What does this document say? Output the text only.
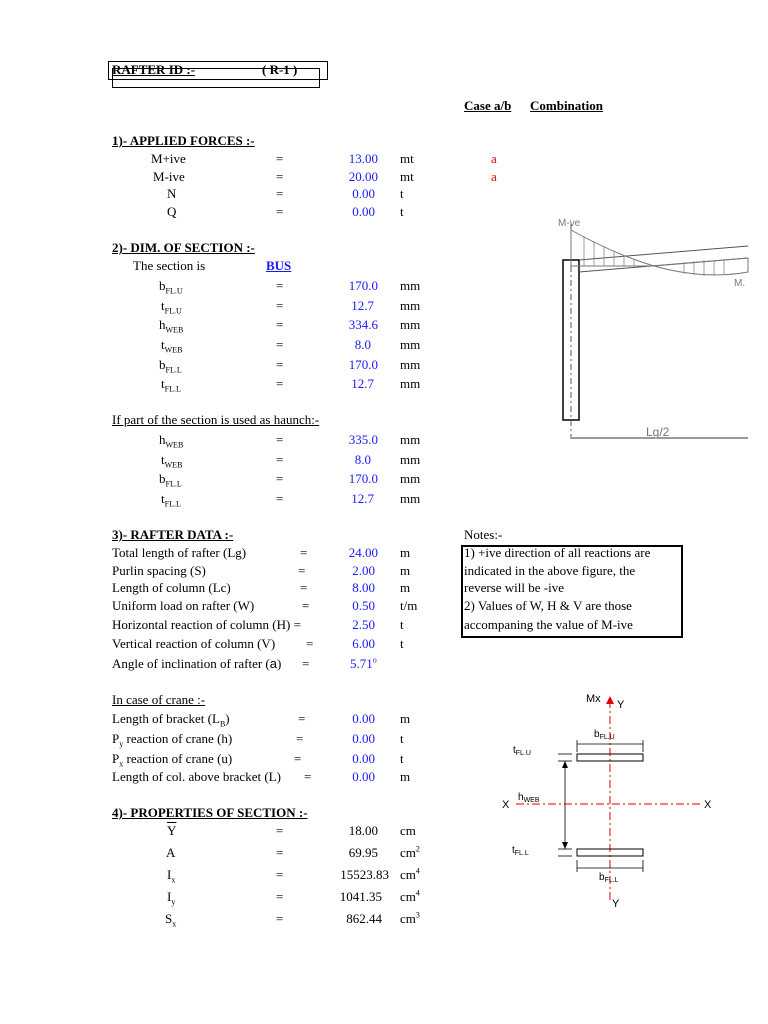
RAFTER ID :-	( R-1 )
Case a/b Combination
1)- APPLIED FORCES :-
M+ive	=	13.00 mt	a
M-ive	=	20.00 mt	a
N	=	0.00 t
Q	=	0.00 t
2)- DIM. OF SECTION :-
The section is	BUS
$b_{FL.U}$	=	170.0 mm
$t_{FL.U}$	=	12.7 mm
$h_{WEB}$	=	334.6 mm
$t_{WEB}$	=	8.0 mm
$b_{FL.L}$	=	170.0 mm
$t_{FL.L}$	=	12.7 mm
If part of the section is used as haunch:-
$h_{WEB}$	=	335.0 mm
$t_{WEB}$	=	8.0 mm
$b_{FL.L}$	=	170.0 mm
$t_{FL.L}$	=	12.7 mm
M-ve
M.
Lg/2
3)- RAFTER DATA :-
Total length of rafter (Lg)	=	24.00 m
Purlin spacing (S)	=	2.00 m
Length of column (Lc)	=	8.00 m
Uniform load on rafter (W)	=	0.50 t/m
Horizontal reaction of column (H) =	2.50 t
Vertical reaction of column (V) =	6.00 t
Angle of inclination of rafter (a) =	$5.71^o$
Notes:-
1) +ive direction of all reactions are
indicated in the above figure, the
reverse will be -ive
2) Values of W, H & V are those
accompaning the value of M-ive
In case of crane :-
Length of bracket $(L_B)$	=	0.00 m
$P_y$ reaction of crane (h)	=	0.00 t
$P_x$ reaction of crane (u)	=	0.00 t
Length of col. above bracket (L) =	0.00 m
4)- PROPERTIES OF SECTION :-
$\overline{Y}$	=	18.00 cm
A	=	69.95 $cm^2$
$I_x$	=	15523.83 $cm^4$
$I_y$	=	1041.35 $cm^4$
$S_x$	=	862.44 $cm^3$
Mx Y
Y
X	X
$b_{FL.U}$
$t_{FL.U}$
$h_{WEB}$
$t_{FL.L}$
$b_{FL.L}$
